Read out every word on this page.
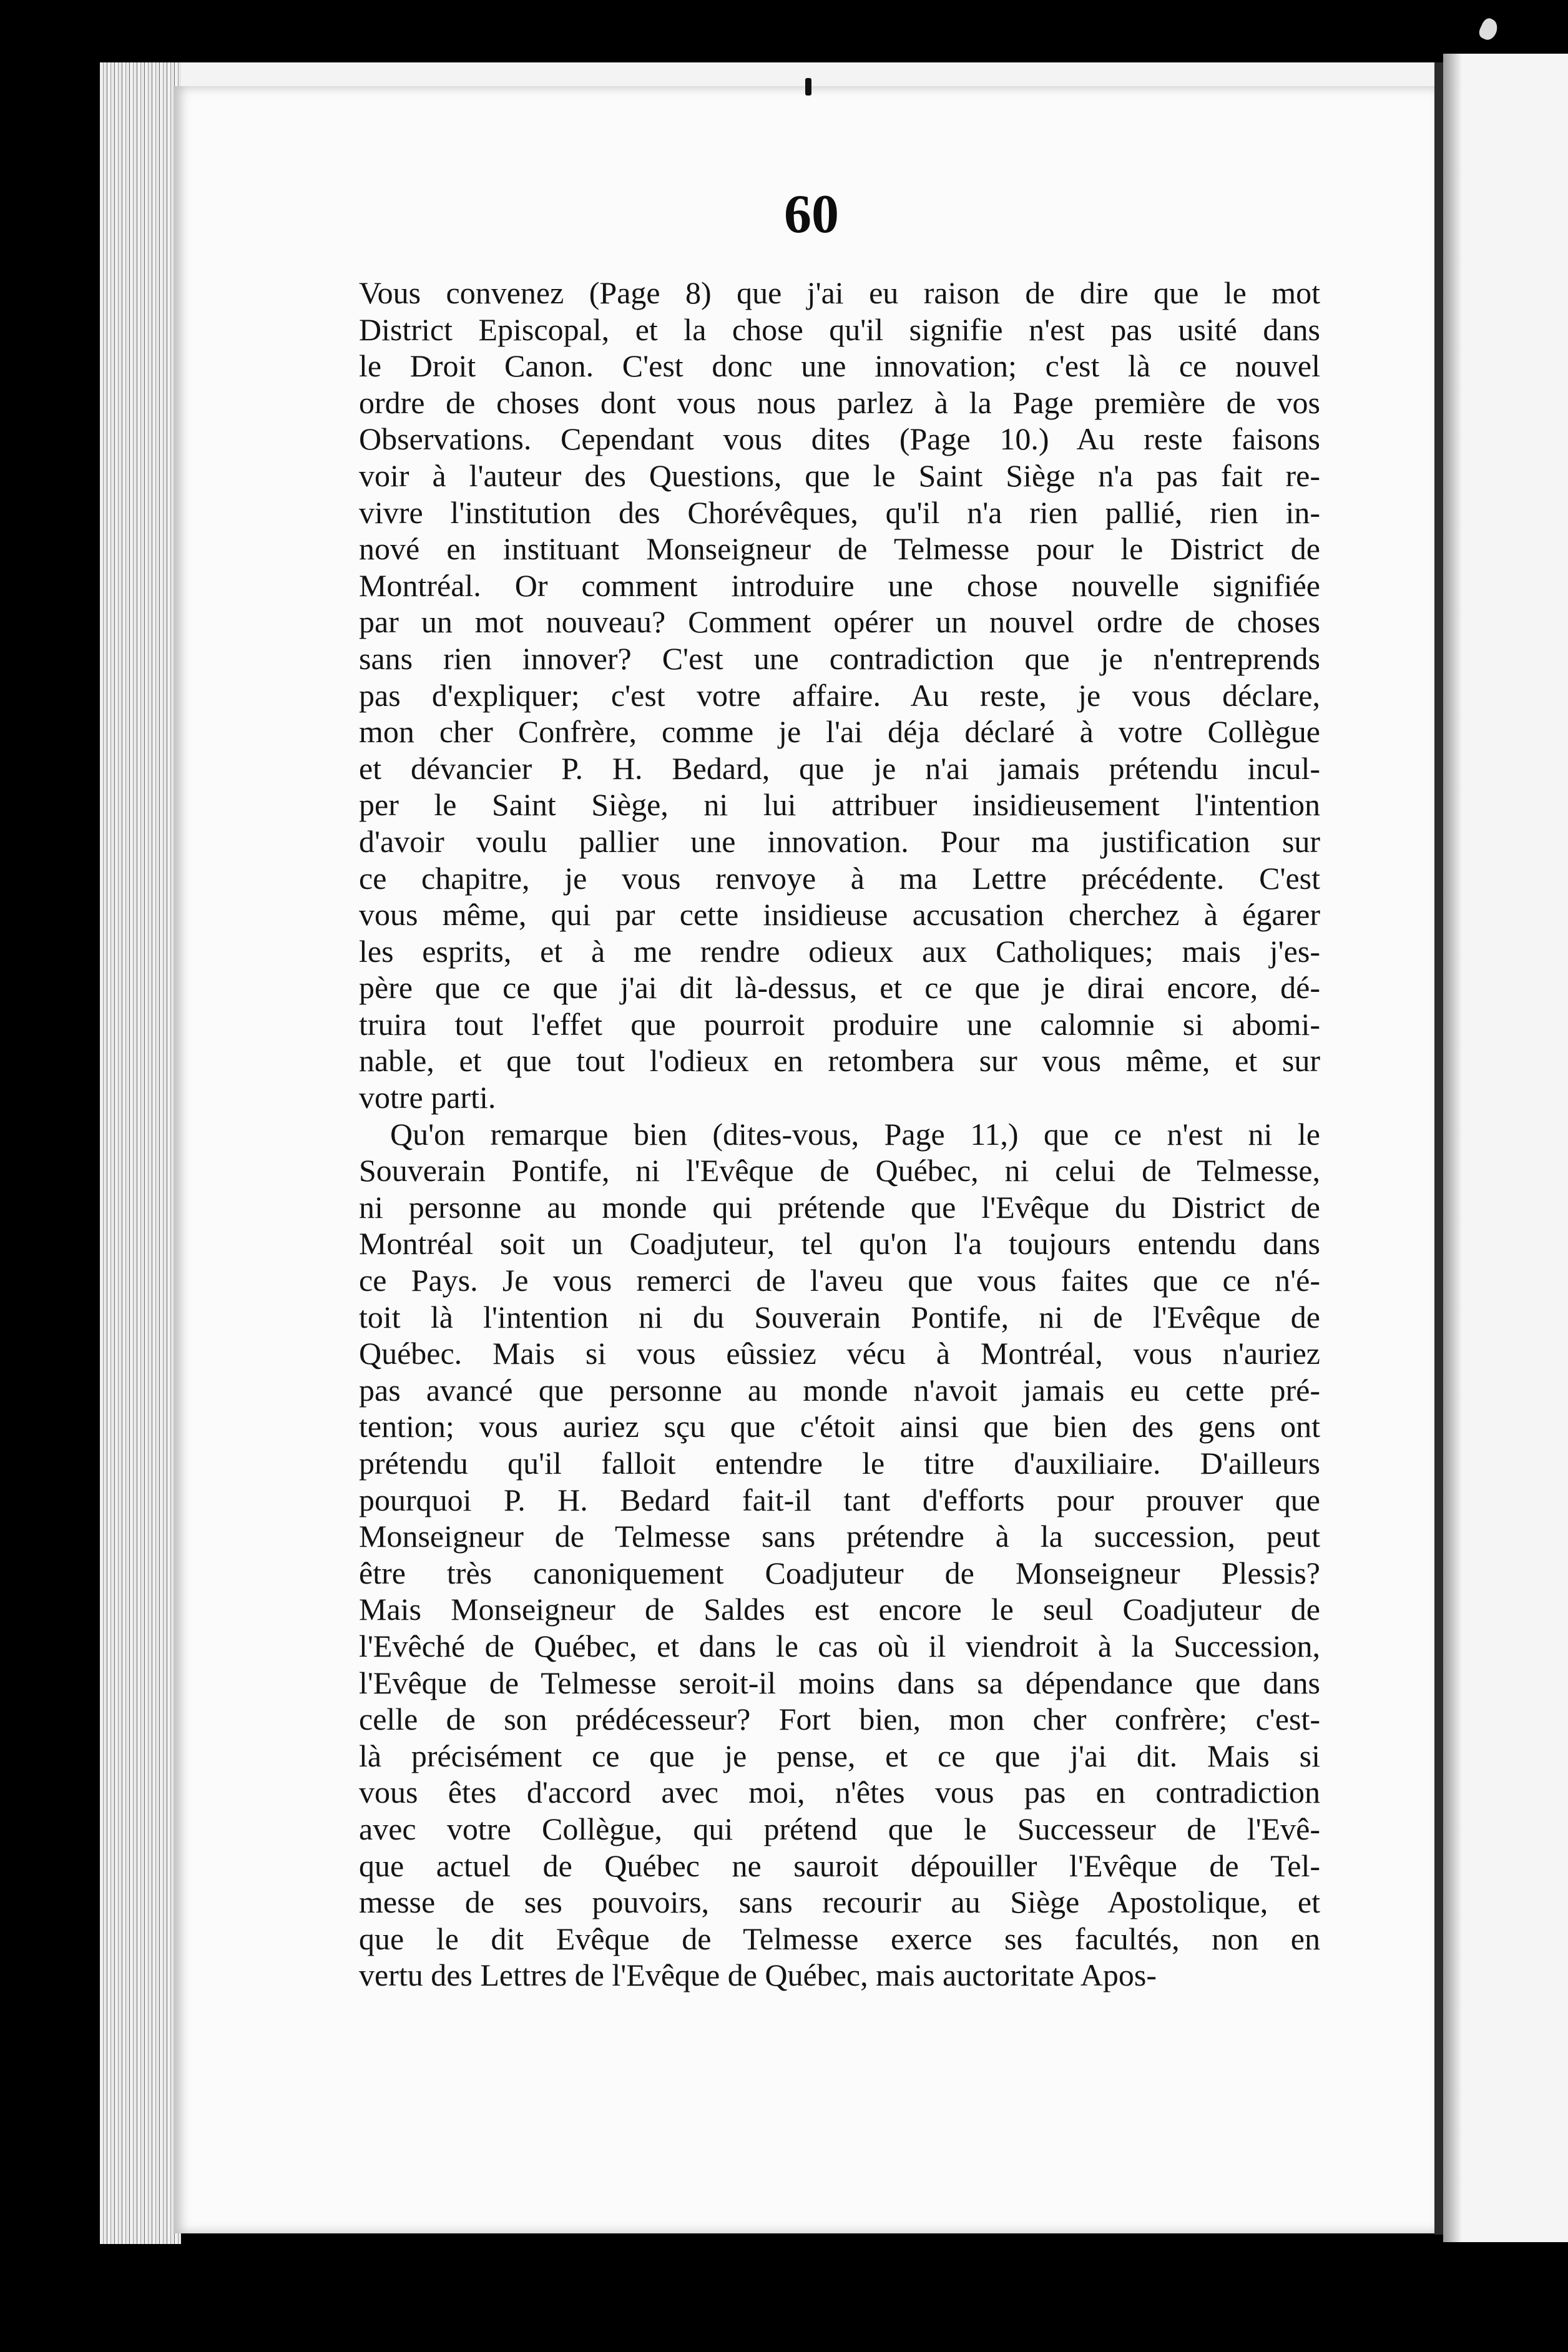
60
Vous convenez (Page 8) que j'ai eu raison de dire que le mot
District Episcopal, et la chose qu'il signifie n'est pas usité dans
le Droit Canon. C'est donc une innovation; c'est là ce nouvel
ordre de choses dont vous nous parlez à la Page première de vos
Observations. Cependant vous dites (Page 10.) Au reste faisons
voir à l'auteur des Questions, que le Saint Siège n'a pas fait re-
vivre l'institution des Chorévêques, qu'il n'a rien pallié, rien in-
nové en instituant Monseigneur de Telmesse pour le District de
Montréal. Or comment introduire une chose nouvelle signifiée
par un mot nouveau? Comment opérer un nouvel ordre de choses
sans rien innover? C'est une contradiction que je n'entreprends
pas d'expliquer; c'est votre affaire. Au reste, je vous déclare,
mon cher Confrère, comme je l'ai déja déclaré à votre Collègue
et dévancier P. H. Bedard, que je n'ai jamais prétendu incul-
per le Saint Siège, ni lui attribuer insidieusement l'intention
d'avoir voulu pallier une innovation. Pour ma justification sur
ce chapitre, je vous renvoye à ma Lettre précédente. C'est
vous même, qui par cette insidieuse accusation cherchez à égarer
les esprits, et à me rendre odieux aux Catholiques; mais j'es-
père que ce que j'ai dit là-dessus, et ce que je dirai encore, dé-
truira tout l'effet que pourroit produire une calomnie si abomi-
nable, et que tout l'odieux en retombera sur vous même, et sur
votre parti.
Qu'on remarque bien (dites-vous, Page 11,) que ce n'est ni le
Souverain Pontife, ni l'Evêque de Québec, ni celui de Telmesse,
ni personne au monde qui prétende que l'Evêque du District de
Montréal soit un Coadjuteur, tel qu'on l'a toujours entendu dans
ce Pays. Je vous remerci de l'aveu que vous faites que ce n'é-
toit là l'intention ni du Souverain Pontife, ni de l'Evêque de
Québec. Mais si vous eûssiez vécu à Montréal, vous n'auriez
pas avancé que personne au monde n'avoit jamais eu cette pré-
tention; vous auriez sçu que c'étoit ainsi que bien des gens ont
prétendu qu'il falloit entendre le titre d'auxiliaire. D'ailleurs
pourquoi P. H. Bedard fait-il tant d'efforts pour prouver que
Monseigneur de Telmesse sans prétendre à la succession, peut
être très canoniquement Coadjuteur de Monseigneur Plessis?
Mais Monseigneur de Saldes est encore le seul Coadjuteur de
l'Evêché de Québec, et dans le cas où il viendroit à la Succession,
l'Evêque de Telmesse seroit-il moins dans sa dépendance que dans
celle de son prédécesseur? Fort bien, mon cher confrère; c'est-
là précisément ce que je pense, et ce que j'ai dit. Mais si
vous êtes d'accord avec moi, n'êtes vous pas en contradiction
avec votre Collègue, qui prétend que le Successeur de l'Evê-
que actuel de Québec ne sauroit dépouiller l'Evêque de Tel-
messe de ses pouvoirs, sans recourir au Siège Apostolique, et
que le dit Evêque de Telmesse exerce ses facultés, non en
vertu des Lettres de l'Evêque de Québec, mais auctoritate Apos-
